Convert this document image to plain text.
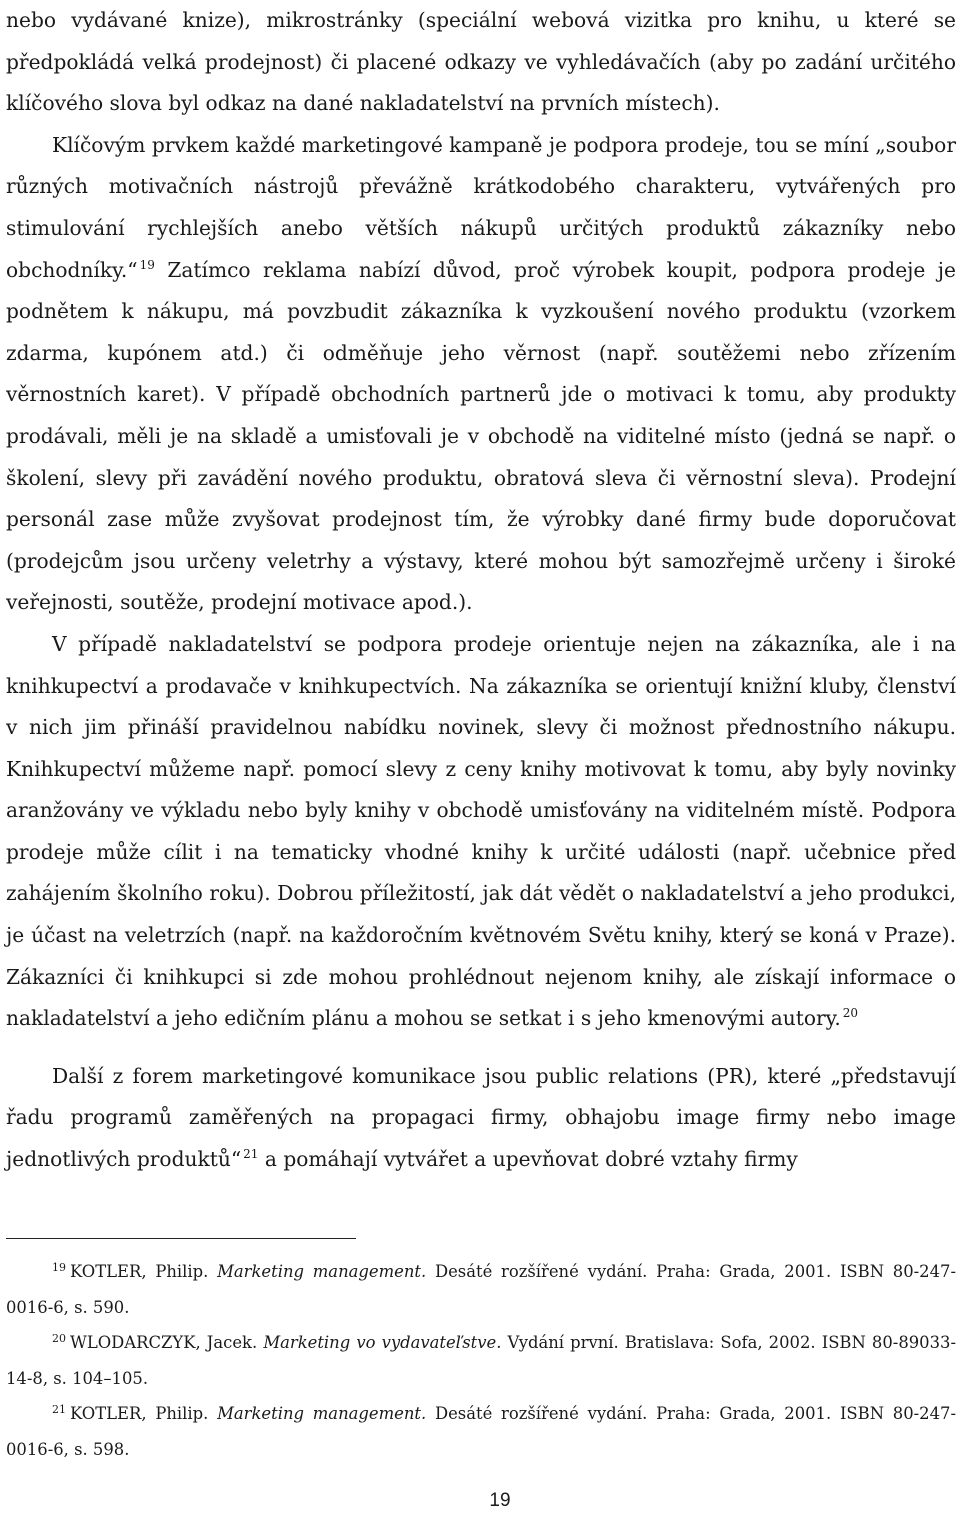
nebo vydávané knize), mikrostránky (speciální webová vizitka pro knihu, u které se předpokládá velká prodejnost) či placené odkazy ve vyhledávačích (aby po zadání určitého klíčového slova byl odkaz na dané nakladatelství na prvních místech).

Klíčovým prvkem každé marketingové kampaně je podpora prodeje, tou se míní „soubor různých motivačních nástrojů převážně krátkodobého charakteru, vytvářených pro stimulování rychlejších anebo větších nákupů určitých produktů zákazníky nebo obchodníky.“ $^{19}$ Zatímco reklama nabízí důvod, proč výrobek koupit, podpora prodeje je podnětem k nákupu, má povzbudit zákazníka k vyzkoušení nového produktu (vzorkem zdarma, kupónem atd.) či odměňuje jeho věrnost (např. soutěžemi nebo zřízením věrnostních karet). V případě obchodních partnerů jde o motivaci k tomu, aby produkty prodávali, měli je na skladě a umisťovali je v obchodě na viditelné místo (jedná se např. o školení, slevy při zavádění nového produktu, obratová sleva či věrnostní sleva). Prodejní personál zase může zvyšovat prodejnost tím, že výrobky dané firmy bude doporučovat (prodejcům jsou určeny veletrhy a výstavy, které mohou být samozřejmě určeny i široké veřejnosti, soutěže, prodejní motivace apod.).

V případě nakladatelství se podpora prodeje orientuje nejen na zákazníka, ale i na knihkupectví a prodavače v knihkupectvích. Na zákazníka se orientují knižní kluby, členství v nich jim přináší pravidelnou nabídku novinek, slevy či možnost přednostního nákupu. Knihkupectví můžeme např. pomocí slevy z ceny knihy motivovat k tomu, aby byly novinky aranžovány ve výkladu nebo byly knihy v obchodě umisťovány na viditelném místě. Podpora prodeje může cílit i na tematicky vhodné knihy k určité události (např. učebnice před zahájením školního roku). Dobrou příležitostí, jak dát vědět o nakladatelství a jeho produkci, je účast na veletrzích (např. na každoročním květnovém Světu knihy, který se koná v Praze). Zákazníci či knihkupci si zde mohou prohlédnout nejenom knihy, ale získají informace o nakladatelství a jeho edičním plánu a mohou se setkat i s jeho kmenovými autory. $^{20}$

Další z forem marketingové komunikace jsou public relations (PR), které „představují řadu programů zaměřených na propagaci firmy, obhajobu image firmy nebo image jednotlivých produktů“ $^{21}$ a pomáhají vytvářet a upevňovat dobré vztahy firmy

$^{19}$ KOTLER, Philip. Marketing management. Desáté rozšířené vydání. Praha: Grada, 2001. ISBN 80-247-0016-6, s. 590.

$^{20}$ WLODARCZYK, Jacek. Marketing vo vydavateľstve. Vydání první. Bratislava: Sofa, 2002. ISBN 80-89033-14-8, s. 104–105.

$^{21}$ KOTLER, Philip. Marketing management. Desáté rozšířené vydání. Praha: Grada, 2001. ISBN 80-247-0016-6, s. 598.

19
